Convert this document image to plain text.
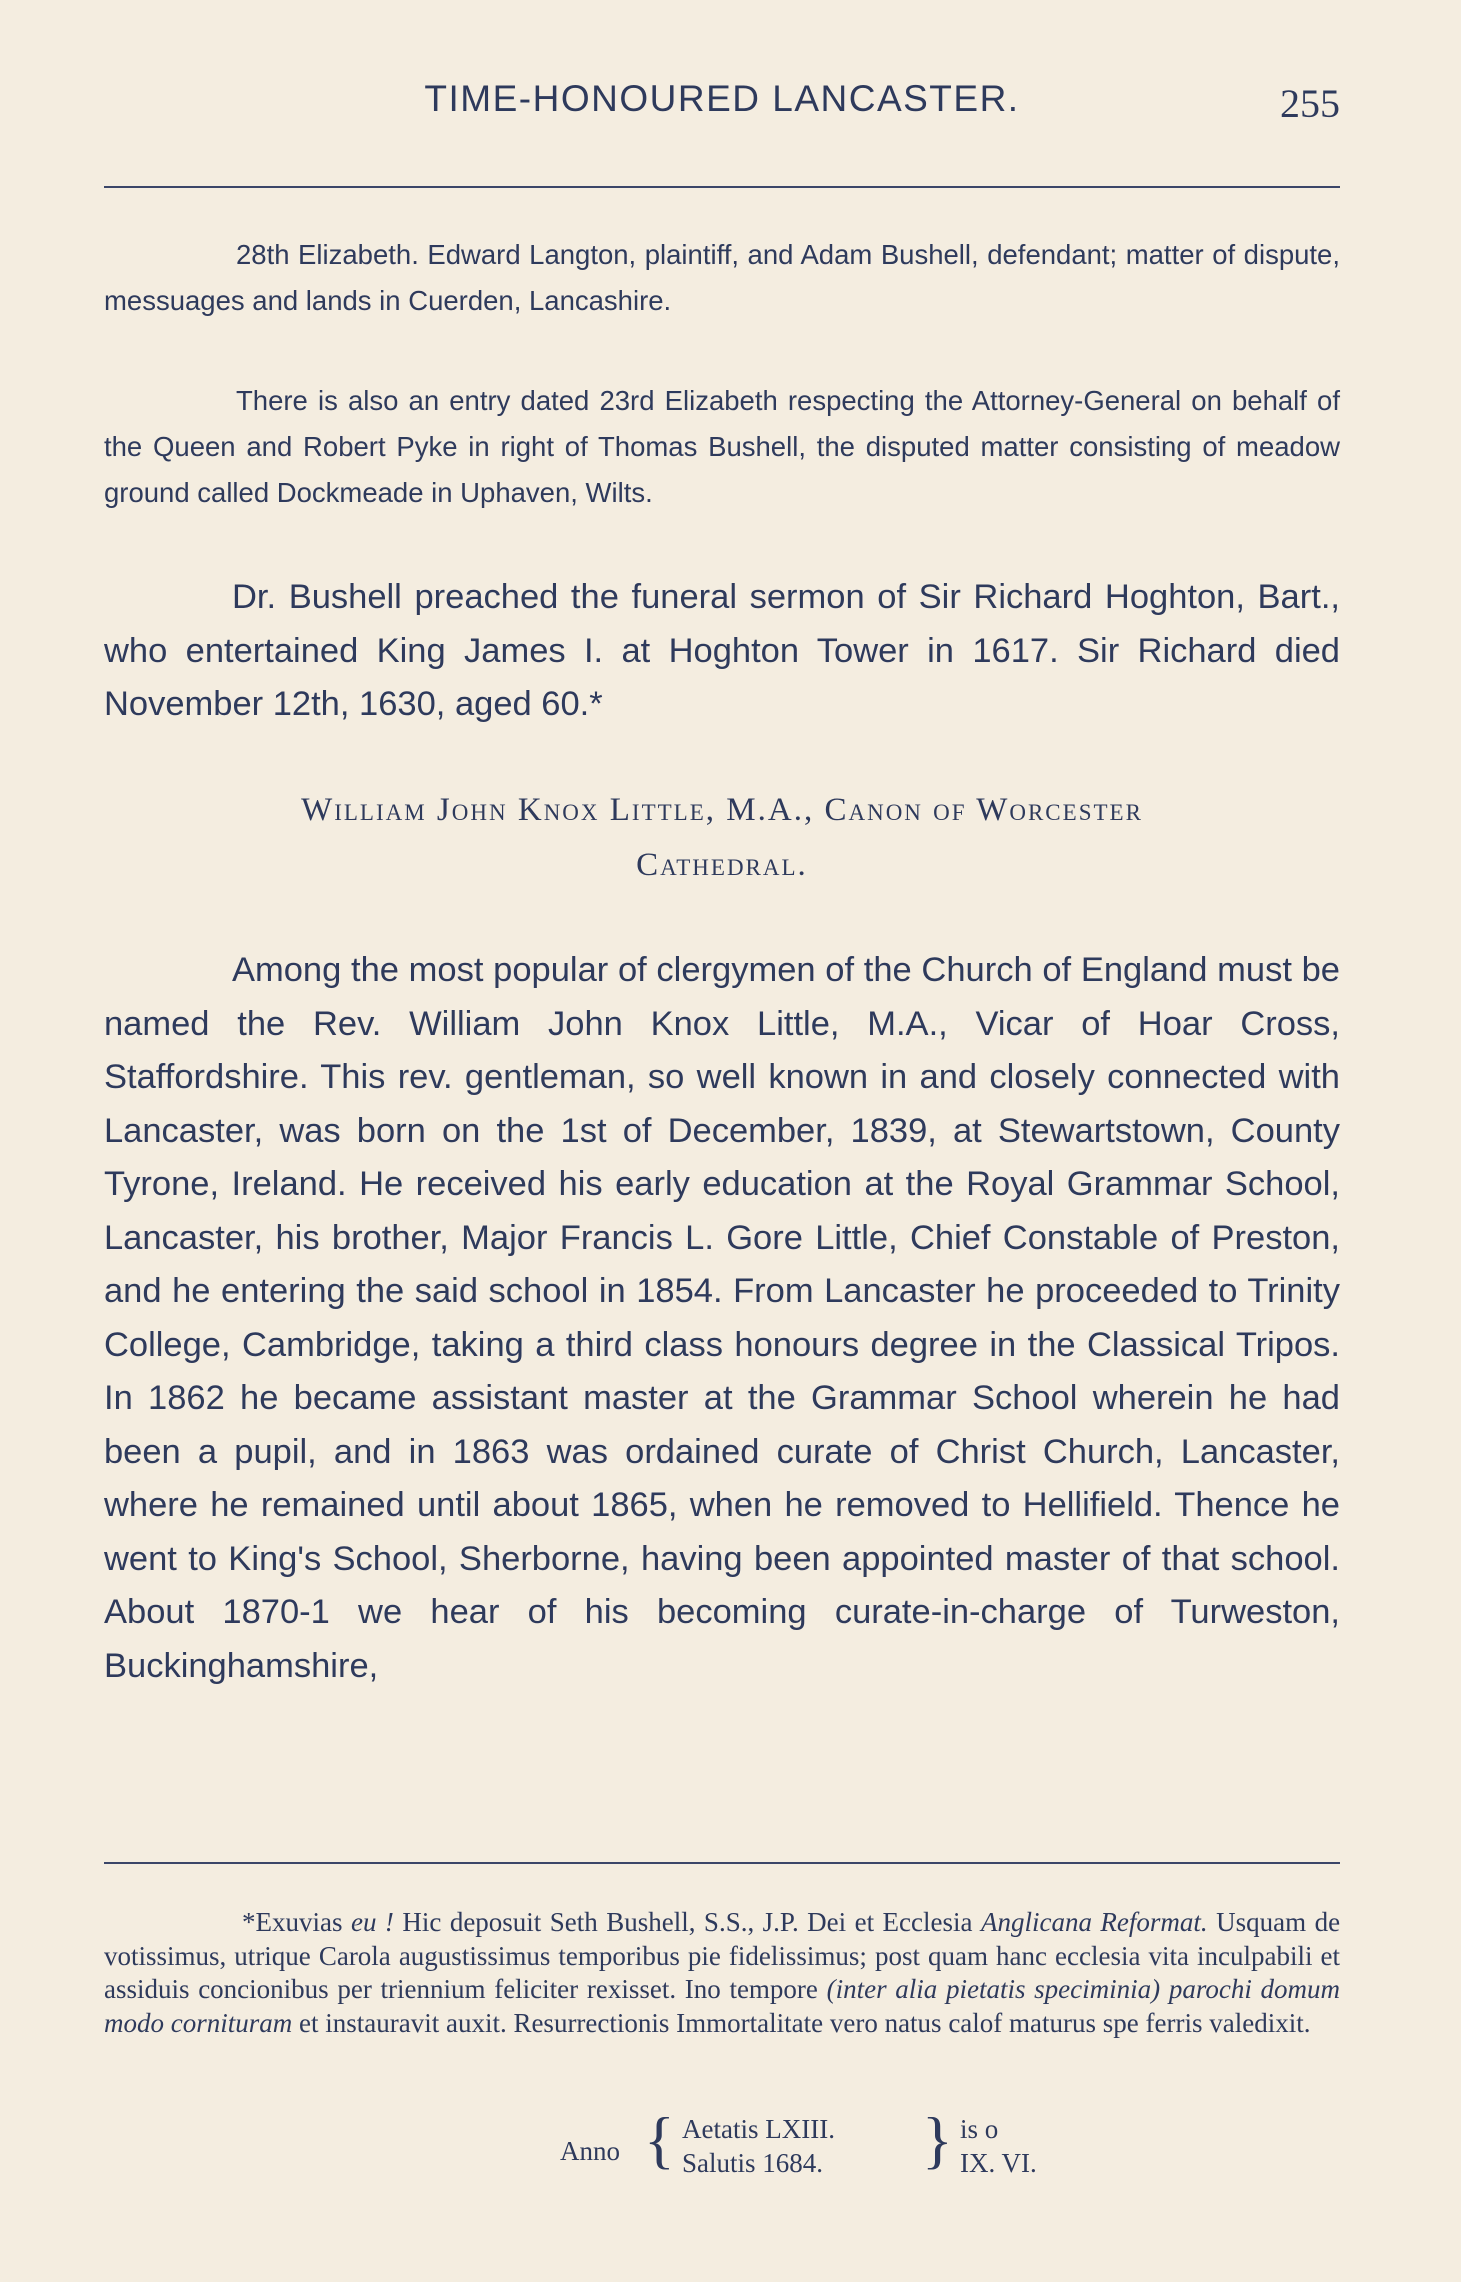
TIME-HONOURED LANCASTER.	255

28th Elizabeth. Edward Langton, plaintiff, and Adam Bushell, defendant; matter of dispute, messuages and lands in Cuerden, Lancashire.

There is also an entry dated 23rd Elizabeth respecting the Attorney-General on behalf of the Queen and Robert Pyke in right of Thomas Bushell, the disputed matter consisting of meadow ground called Dockmeade in Uphaven, Wilts.

Dr. Bushell preached the funeral sermon of Sir Richard Hoghton, Bart., who entertained King James I. at Hoghton Tower in 1617. Sir Richard died November 12th, 1630, aged 60.*

William John Knox Little, M.A., Canon of Worcester
Cathedral.

Among the most popular of clergymen of the Church of England must be named the Rev. William John Knox Little, M.A., Vicar of Hoar Cross, Staffordshire. This rev. gentleman, so well known in and closely connected with Lancaster, was born on the 1st of December, 1839, at Stewartstown, County Tyrone, Ireland. He received his early education at the Royal Grammar School, Lancaster, his brother, Major Francis L. Gore Little, Chief Constable of Preston, and he entering the said school in 1854. From Lancaster he proceeded to Trinity College, Cambridge, taking a third class honours degree in the Classical Tripos. In 1862 he became assistant master at the Grammar School wherein he had been a pupil, and in 1863 was ordained curate of Christ Church, Lancaster, where he remained until about 1865, when he removed to Hellifield. Thence he went to King's School, Sherborne, having been appointed master of that school. About 1870-1 we hear of his becoming curate-in-charge of Turweston, Buckinghamshire,

*Exuvias eu ! Hic deposuit Seth Bushell, S.S., J.P. Dei et Ecclesia Anglicana Reformat. Usquam de votissimus, utrique Carola augustissimus temporibus pie fidelissimus; post quam hanc ecclesia vita inculpabili et assiduis concionibus per triennium feliciter rexisset. Ino tempore (inter alia pietatis speciminia) parochi domum modo cornituram et instauravit auxit. Resurrectionis Immortalitate vero natus calof maturus spe ferris valedixit.

Anno { Aetatis LXIII.
Salutis 1684. } is o
IX. VI.
